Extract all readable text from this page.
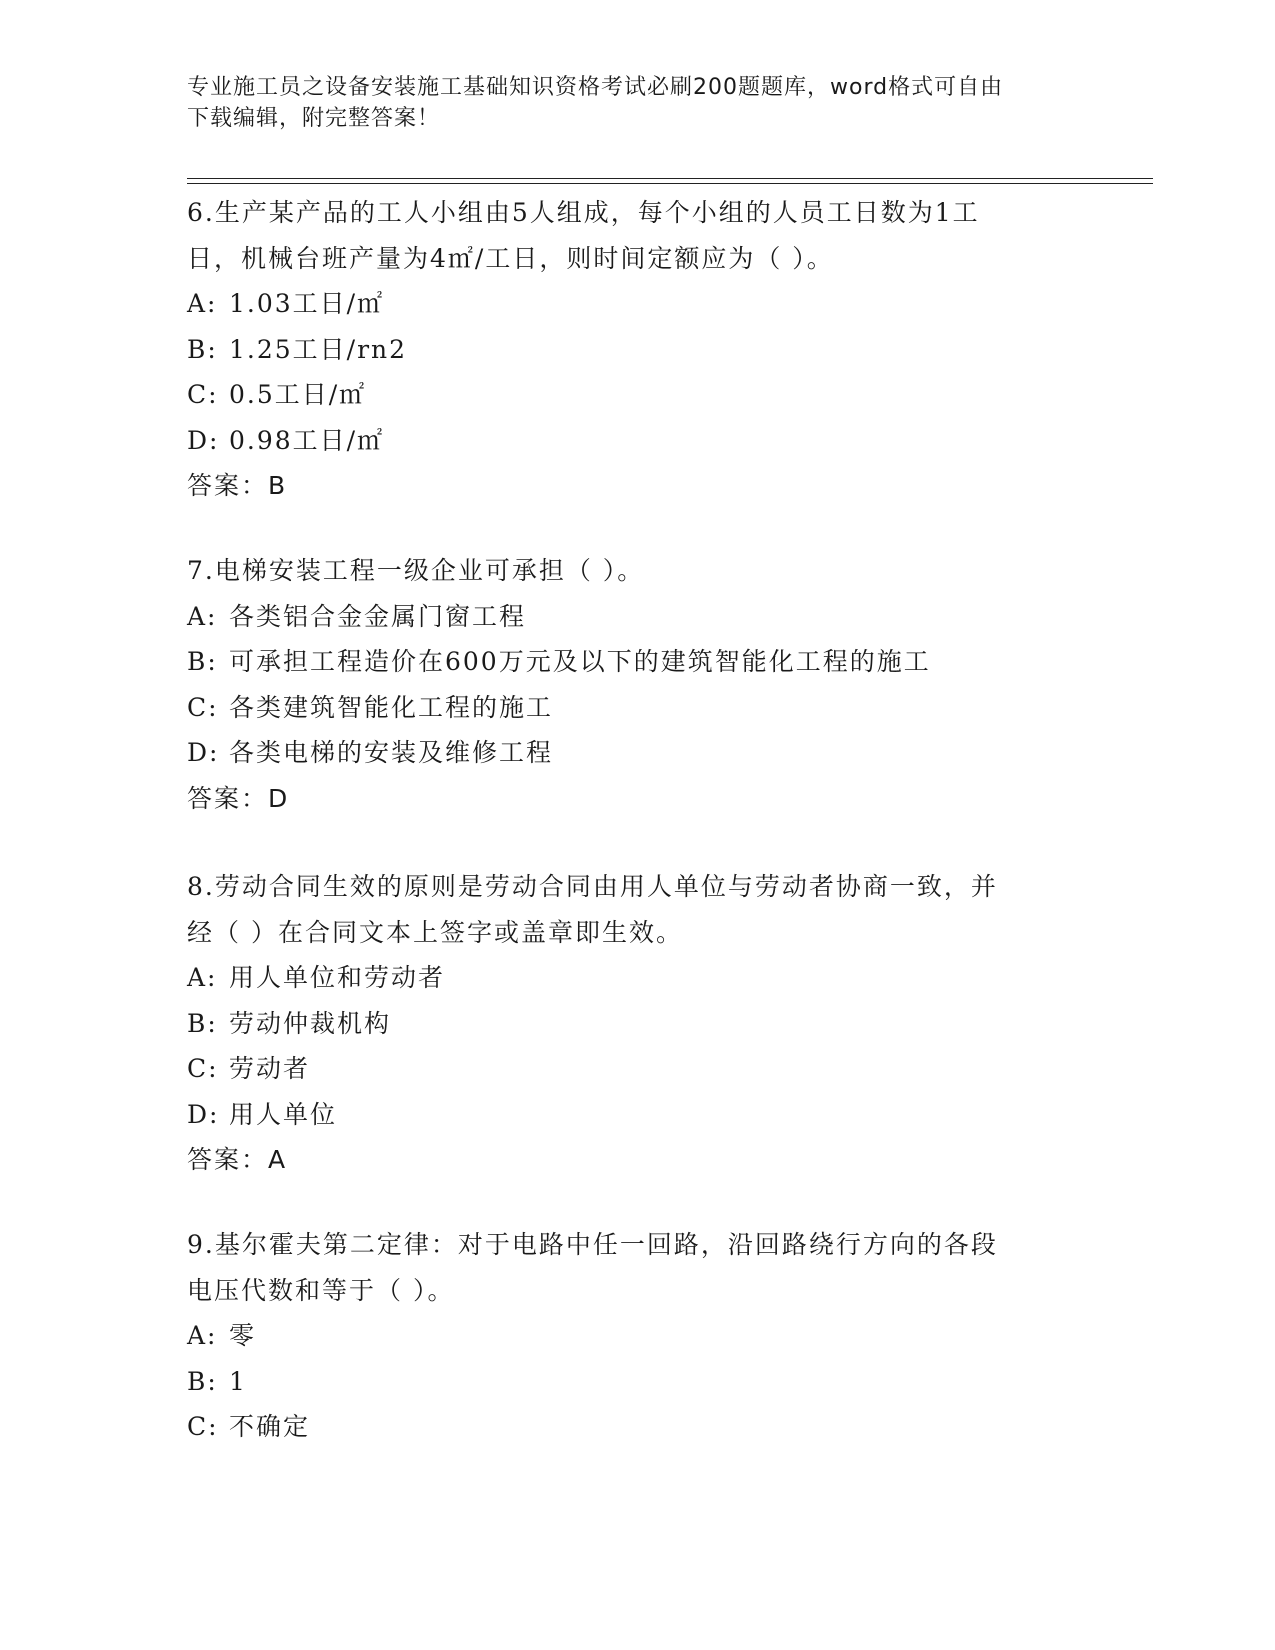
专业施工员之设备安装施工基础知识资格考试必刷200题题库，word格式可自由
下载编辑，附完整答案！
6.生产某产品的工人小组由5人组成，每个小组的人员工日数为1工
日，机械台班产量为4㎡/工日，则时间定额应为（ ）。
A: 1.03工日/㎡
B: 1.25工日/rn2
C: 0.5工日/㎡
D: 0.98工日/㎡
答案：B
7.电梯安装工程一级企业可承担（ ）。
A: 各类铝合金金属门窗工程
B: 可承担工程造价在600万元及以下的建筑智能化工程的施工
C: 各类建筑智能化工程的施工
D: 各类电梯的安装及维修工程
答案：D
8.劳动合同生效的原则是劳动合同由用人单位与劳动者协商一致，并
经（ ）在合同文本上签字或盖章即生效。
A: 用人单位和劳动者
B: 劳动仲裁机构
C: 劳动者
D: 用人单位
答案：A
9.基尔霍夫第二定律：对于电路中任一回路，沿回路绕行方向的各段
电压代数和等于（ ）。
A: 零
B: 1
C: 不确定
